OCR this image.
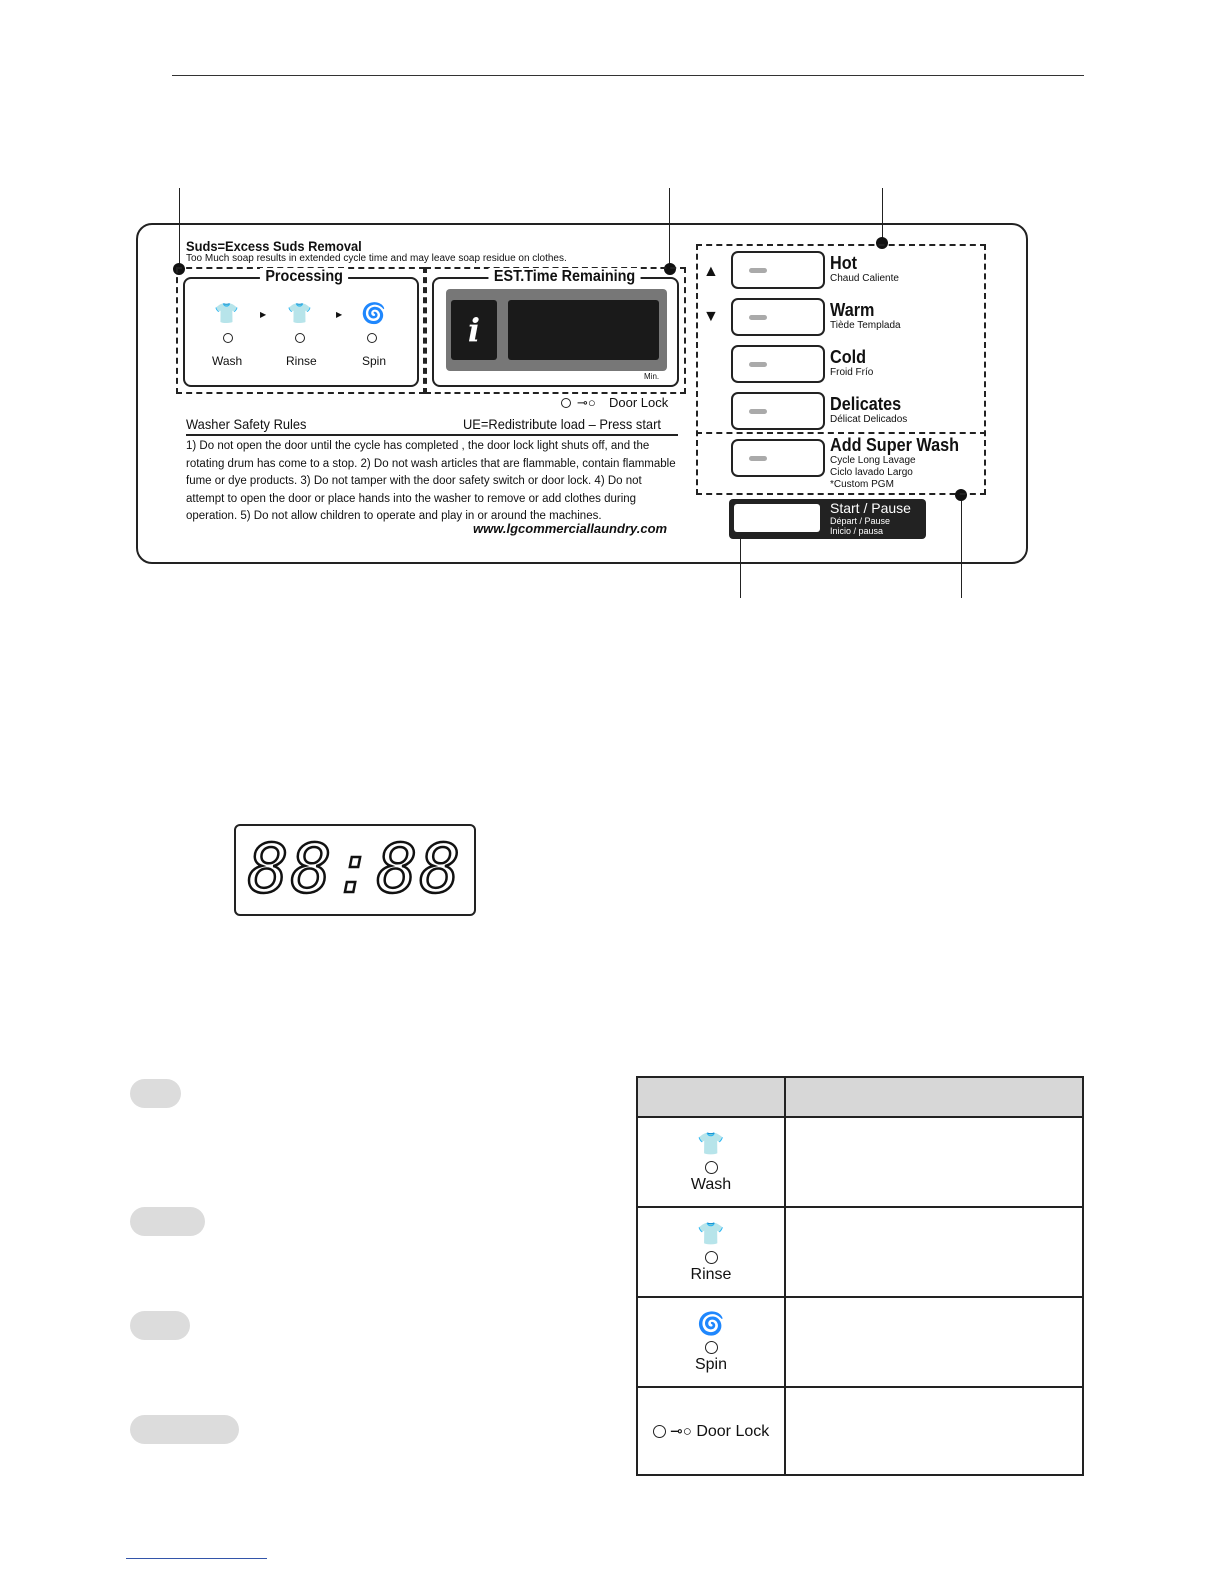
Suds=Excess Suds Removal
Too Much soap results in extended cycle time and may leave soap residue on clothes.
Processing
👕
Wash
▶ 👕
Rinse
▶ 🌀
Spin
EST.Time Remaining
i
Min.
⊸○ Door Lock
Washer Safety Rules	UE=Redistribute load – Press start
1) Do not open the door until the cycle has completed , the door lock light shuts off, and the rotating drum has come to a stop. 2) Do not wash articles that are flammable, contain flammable fume or dye products. 3) Do not tamper with the door safety switch or door lock. 4) Do not attempt to open the door or place hands into the washer to remove or add clothes during operation. 5) Do not allow children to operate and play in or around the machines.
www.lgcommerciallaundry.com
▲
▼
Hot
Chaud Caliente
Warm
Tiède Templada
Cold
Froid Frío
Delicates
Délicat Delicados
Add Super Wash
Cycle Long Lavage
Ciclo lavado Largo
*Custom PGM
Start / Pause
Départ / Pause
Inicio / pausa
88:88

👕
Wash	

👕
Rinse	

🌀
Spin	

⊸○ Door Lock	
